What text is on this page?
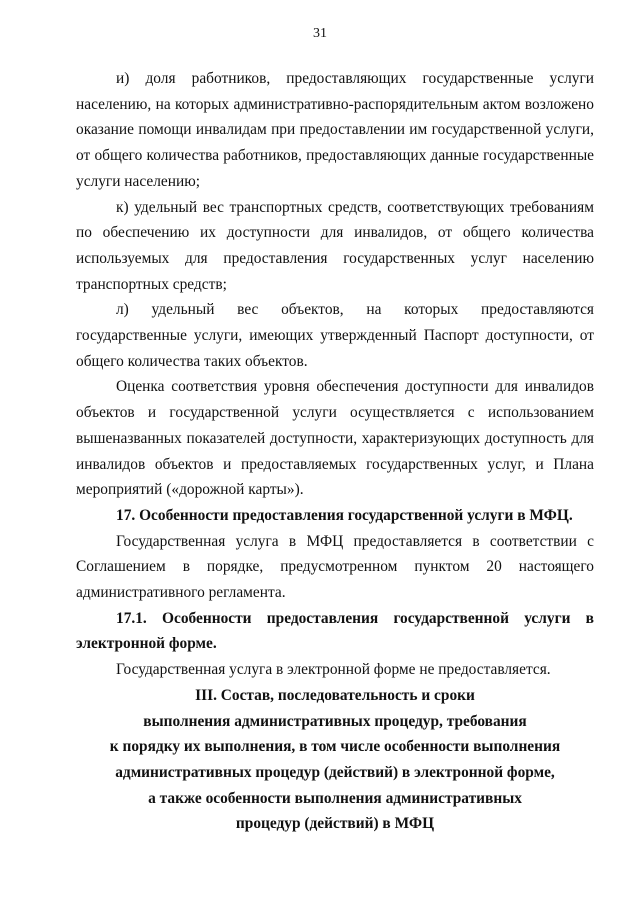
31

и) доля работников, предоставляющих государственные услуги населению, на которых административно-распорядительным актом возложено оказание помощи инвалидам при предоставлении им государственной услуги, от общего количества работников, предоставляющих данные государственные услуги населению;

к) удельный вес транспортных средств, соответствующих требованиям по обеспечению их доступности для инвалидов, от общего количества используемых для предоставления государственных услуг населению транспортных средств;

л) удельный вес объектов, на которых предоставляются государственные услуги, имеющих утвержденный Паспорт доступности, от общего количества таких объектов.

Оценка соответствия уровня обеспечения доступности для инвалидов объектов и государственной услуги осуществляется с использованием вышеназванных показателей доступности, характеризующих доступность для инвалидов объектов и предоставляемых государственных услуг, и Плана мероприятий («дорожной карты»).

17. Особенности предоставления государственной услуги в МФЦ.

Государственная услуга в МФЦ предоставляется в соответствии с Соглашением в порядке, предусмотренном пунктом 20 настоящего административного регламента.

17.1. Особенности предоставления государственной услуги в электронной форме.

Государственная услуга в электронной форме не предоставляется.

III. Состав, последовательность и сроки

выполнения административных процедур, требования

к порядку их выполнения, в том числе особенности выполнения

административных процедур (действий) в электронной форме,

а также особенности выполнения административных

процедур (действий) в МФЦ
